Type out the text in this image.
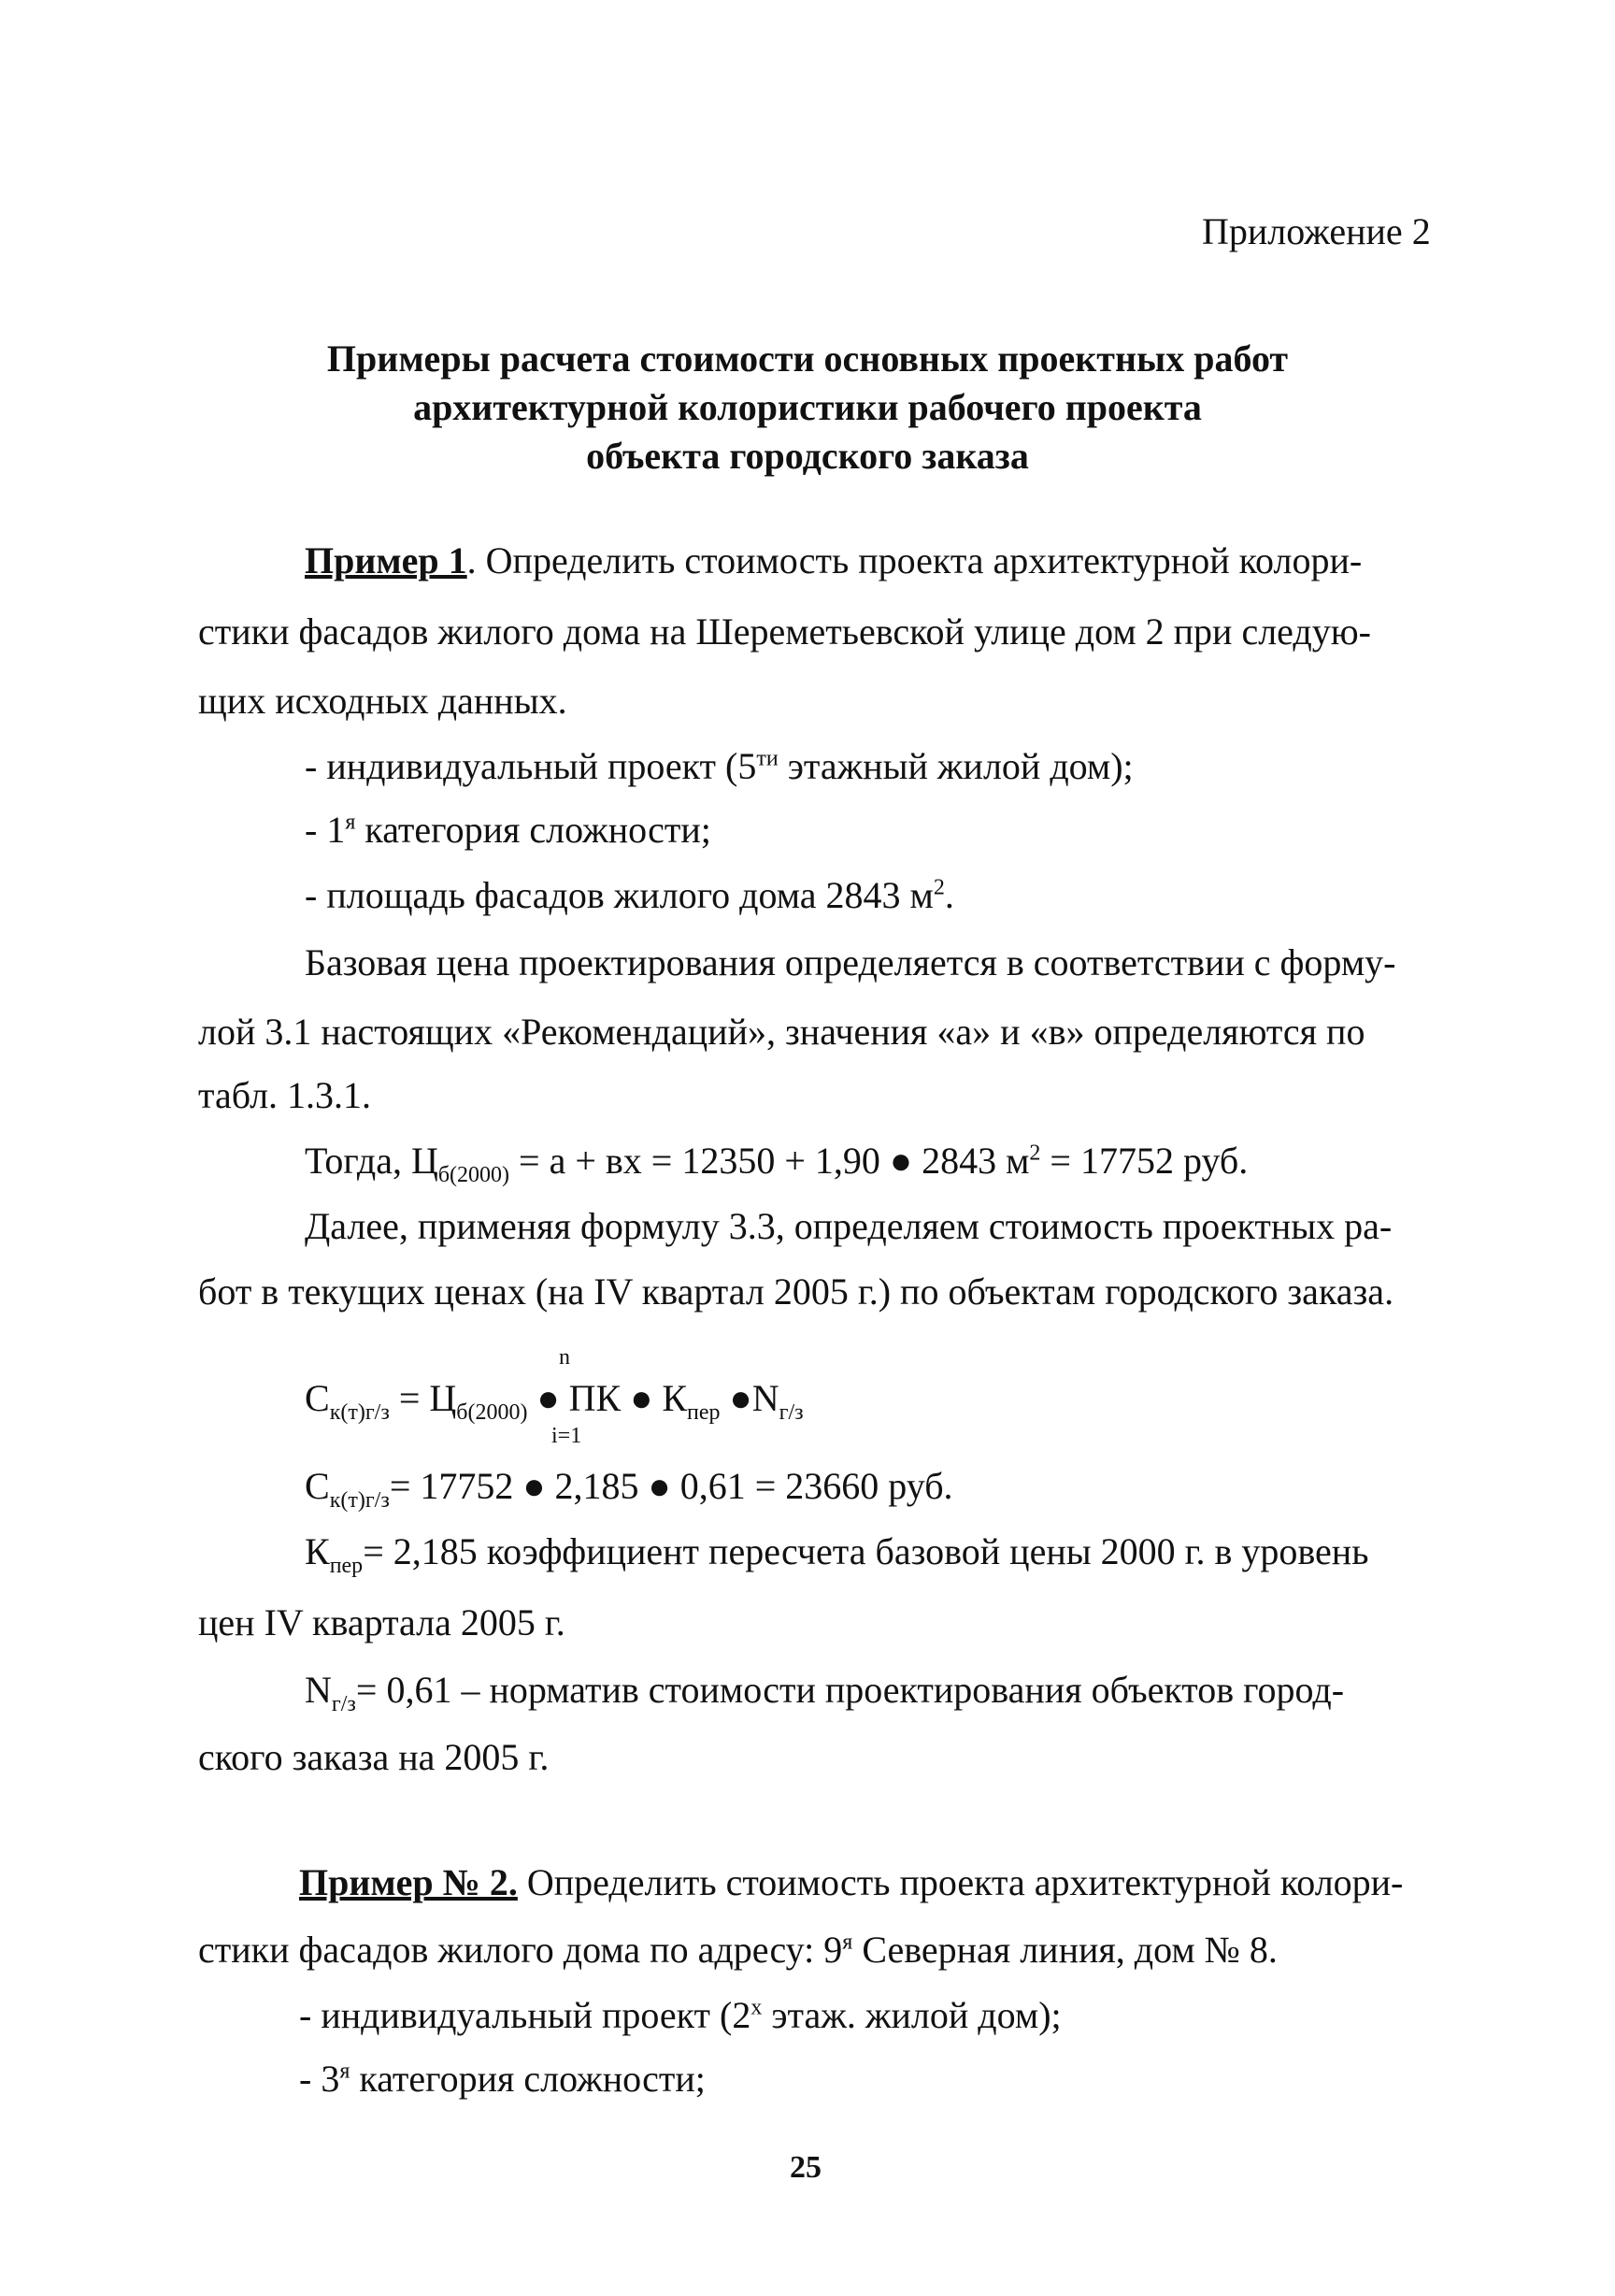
Приложение 2
Примеры расчета стоимости основных проектных работ
архитектурной колористики рабочего проекта
объекта городского заказа
Пример 1. Определить стоимость проекта архитектурной колори-
стики фасадов жилого дома на Шереметьевской улице дом 2 при следую-
щих исходных данных.
- индивидуальный проект ($5^{ти}$ этажный жилой дом);
- $1^я$ категория сложности;
- площадь фасадов жилого дома 2843 $м^2$.
Базовая цена проектирования определяется в соответствии с форму-
лой 3.1 настоящих «Рекомендаций», значения «а» и «в» определяются по
табл. 1.3.1.
Тогда, $Ц_{б(2000)} = а$ + вх = 12350 + 1,90 ● 2843 $м^2 = 17752$ руб.
Далее, применяя формулу 3.3, определяем стоимость проектных ра-
бот в текущих ценах (на IV квартал 2005 г.) по объектам городского заказа.
n
$С_{к(т)г/з} = Ц_{б(2000)}$ ● ПК ● $К_{пер}$ $●N_{г/з}$
i=1
$С_{к(т)г/з}= 17752$ ● 2,185 ● 0,61 = 23660 руб.
$К_{пер}= 2,185$ коэффициент пересчета базовой цены 2000 г. в уровень
цен IV квартала 2005 г.
$N_{г/з}= 0,61$ – норматив стоимости проектирования объектов город-
ского заказа на 2005 г.
Пример № 2. Определить стоимость проекта архитектурной колори-
стики фасадов жилого дома по адресу: $9^я$ Северная линия, дом № 8.
- индивидуальный проект ($2^х$ этаж. жилой дом);
- $3^я$ категория сложности;
25
